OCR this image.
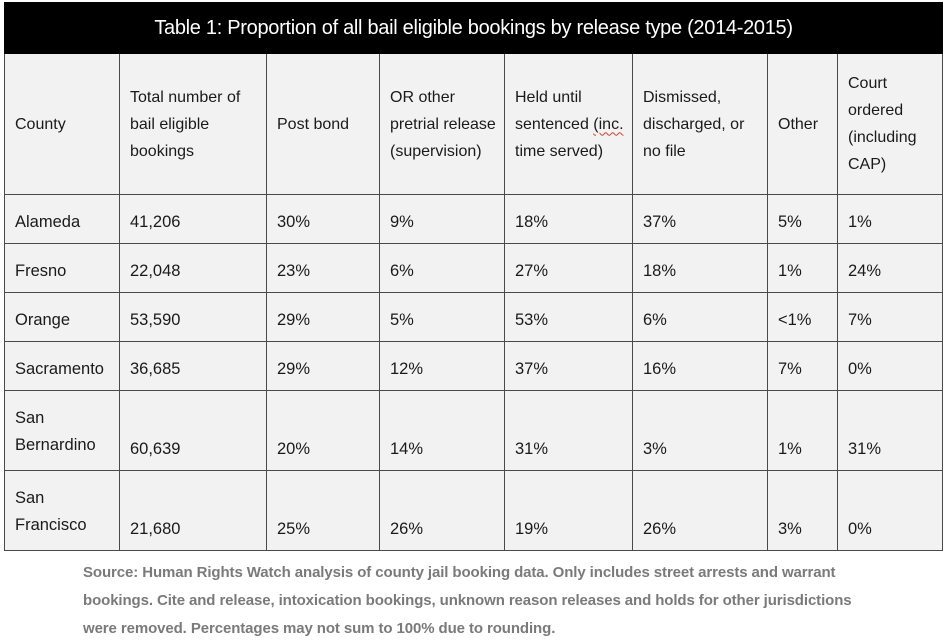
Table 1: Proportion of all bail eligible bookings by release type (2014-2015)							
County	Total number of bail eligible bookings	Post bond	OR other pretrial release (supervision)	Held until sentenced (inc. time served)	Dismissed, discharged, or no file	Other	Court ordered (including CAP)
Alameda	41,206	30%	9%	18%	37%	5%	1%
Fresno	22,048	23%	6%	27%	18%	1%	24%
Orange	53,590	29%	5%	53%	6%	<1%	7%
Sacramento	36,685	29%	12%	37%	16%	7%	0%
San Bernardino	60,639	20%	14%	31%	3%	1%	31%
San Francisco	21,680	25%	26%	19%	26%	3%	0%
Source: Human Rights Watch analysis of county jail booking data. Only includes street arrests and warrant
bookings. Cite and release, intoxication bookings, unknown reason releases and holds for other jurisdictions
were removed. Percentages may not sum to 100% due to rounding.
